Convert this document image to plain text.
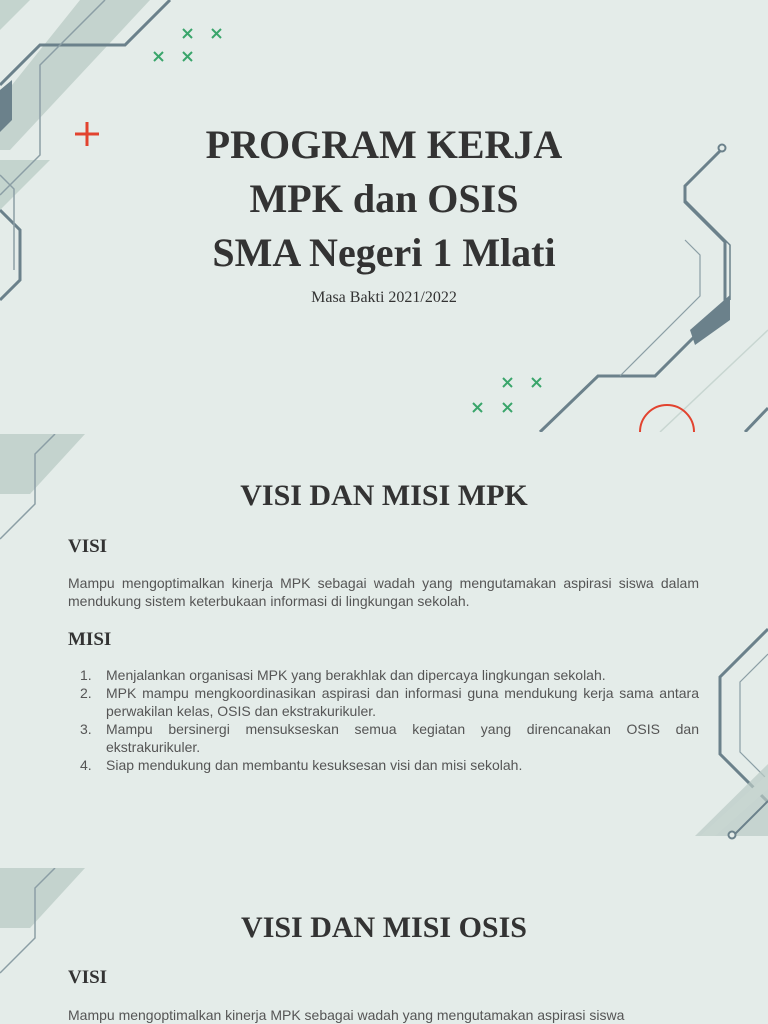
PROGRAM KERJA
MPK dan OSIS
SMA Negeri 1 Mlati
Masa Bakti 2021/2022
VISI DAN MISI MPK
VISI

Mampu mengoptimalkan kinerja MPK sebagai wadah yang mengutamakan aspirasi siswa dalam mendukung sistem keterbukaan informasi di lingkungan sekolah.

MISI
1. Menjalankan organisasi MPK yang berakhlak dan dipercaya lingkungan sekolah.
2. MPK mampu mengkoordinasikan aspirasi dan informasi guna mendukung kerja sama antara perwakilan kelas, OSIS dan ekstrakurikuler.
3. Mampu bersinergi mensukseskan semua kegiatan yang direncanakan OSIS dan ekstrakurikuler.
4. Siap mendukung dan membantu kesuksesan visi dan misi sekolah.
VISI DAN MISI OSIS
VISI

Mampu mengoptimalkan kinerja MPK sebagai wadah yang mengutamakan aspirasi siswa
